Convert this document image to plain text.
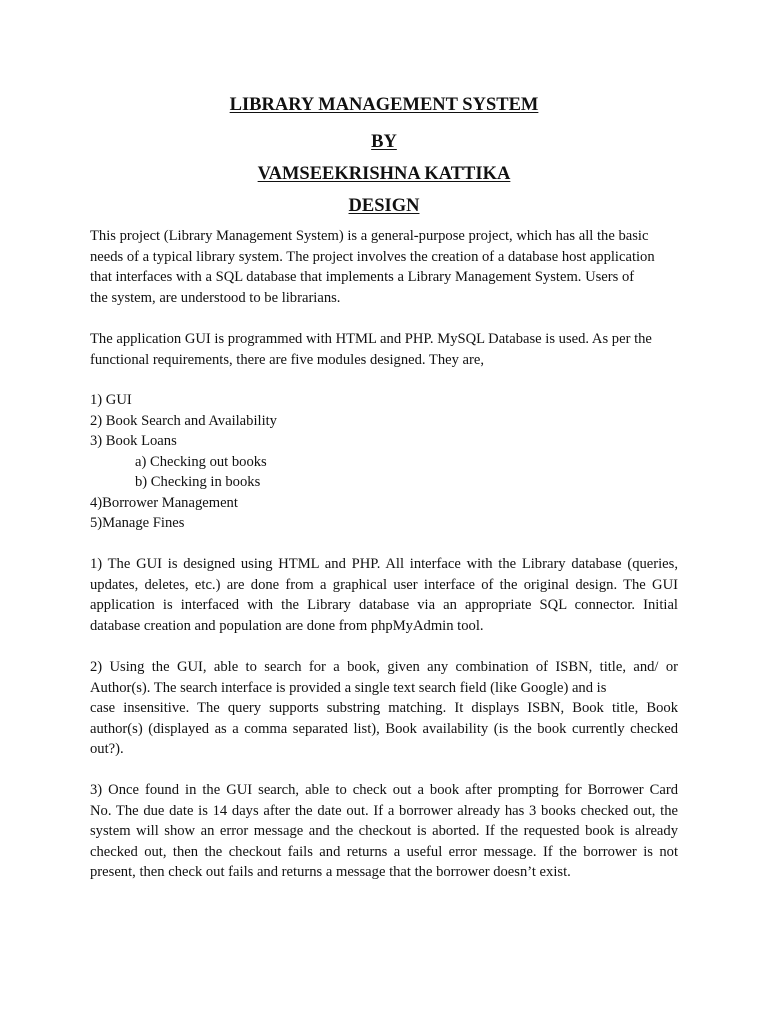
LIBRARY MANAGEMENT SYSTEM
BY
VAMSEEKRISHNA KATTIKA
DESIGN
This project (Library Management System) is a general-purpose project, which has all the basic
needs of a typical library system. The project involves the creation of a database host application
that interfaces with a SQL database that implements a Library Management System. Users of
the system, are understood to be librarians.
The application GUI is programmed with HTML and PHP. MySQL Database is used. As per the
functional requirements, there are five modules designed. They are,
1) GUI
2) Book Search and Availability
3) Book Loans
a) Checking out books
b) Checking in books
4)Borrower Management
5)Manage Fines
1) The GUI is designed using HTML and PHP. All interface with the Library database (queries,
updates, deletes, etc.) are done from a graphical user interface of the original design. The GUI
application is interfaced with the Library database via an appropriate SQL connector. Initial
database creation and population are done from phpMyAdmin tool.
2) Using the GUI, able to search for a book, given any combination of ISBN, title, and/ or
Author(s). The search interface is provided a single text search field (like Google) and is
case insensitive. The query supports substring matching. It displays ISBN, Book title, Book
author(s) (displayed as a comma separated list), Book availability (is the book currently checked
out?).
3) Once found in the GUI search, able to check out a book after prompting for Borrower Card
No. The due date is 14 days after the date out. If a borrower already has 3 books checked out, the
system will show an error message and the checkout is aborted. If the requested book is already
checked out, then the checkout fails and returns a useful error message. If the borrower is not
present, then check out fails and returns a message that the borrower doesn’t exist.
